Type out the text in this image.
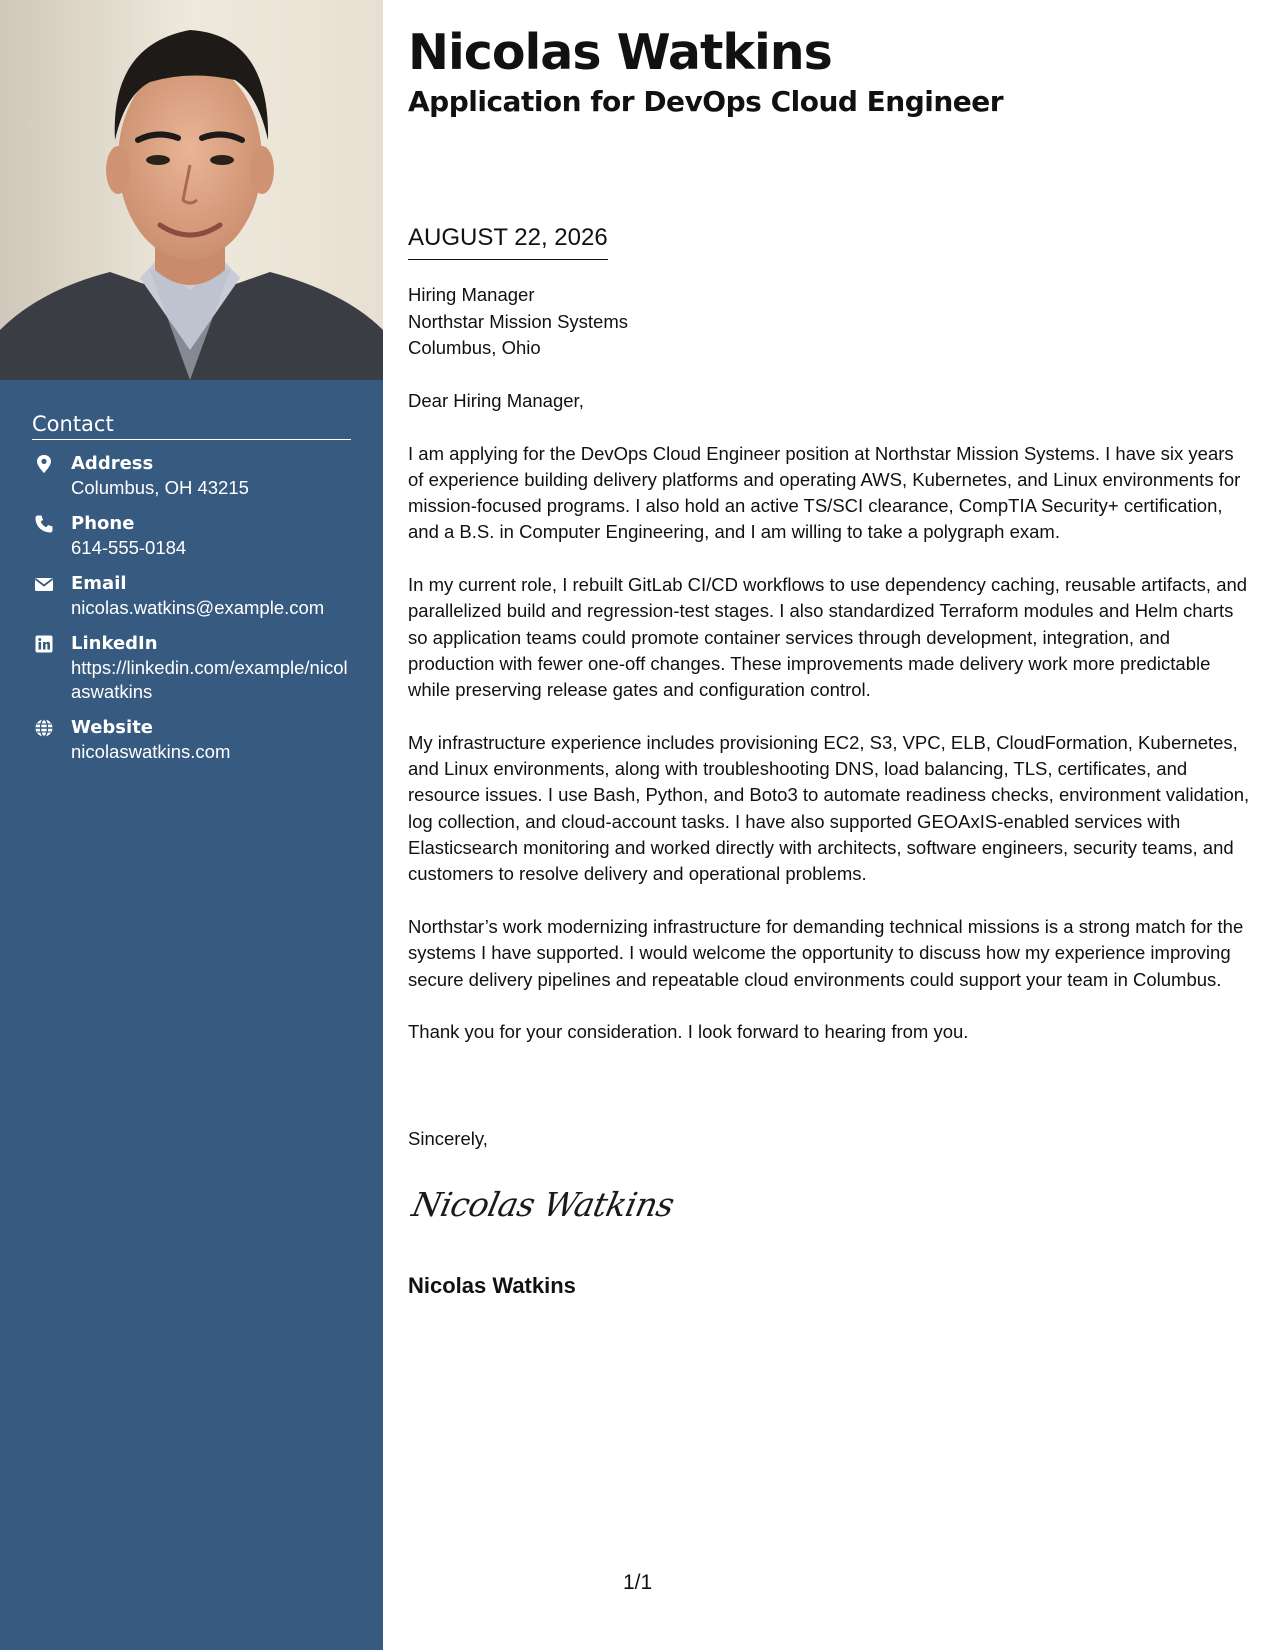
Contact
Address
Columbus, OH 43215
Phone
614-555-0184
Email
nicolas.watkins@example.com
LinkedIn
https://linkedin.com/example/nicolaswatkins
Website
nicolaswatkins.com
Nicolas Watkins
Application for DevOps Cloud Engineer
AUGUST 22, 2026
Hiring Manager
Northstar Mission Systems
Columbus, Ohio

Dear Hiring Manager,

I am applying for the DevOps Cloud Engineer position at Northstar Mission Systems. I have six years of experience building delivery platforms and operating AWS, Kubernetes, and Linux environments for mission-focused programs. I also hold an active TS/SCI clearance, CompTIA Security+ certification, and a B.S. in Computer Engineering, and I am willing to take a polygraph exam.

In my current role, I rebuilt GitLab CI/CD workflows to use dependency caching, reusable artifacts, and parallelized build and regression-test stages. I also standardized Terraform modules and Helm charts so application teams could promote container services through development, integration, and production with fewer one-off changes. These improvements made delivery work more predictable while preserving release gates and configuration control.

My infrastructure experience includes provisioning EC2, S3, VPC, ELB, CloudFormation, Kubernetes, and Linux environments, along with troubleshooting DNS, load balancing, TLS, certificates, and resource issues. I use Bash, Python, and Boto3 to automate readiness checks, environment validation, log collection, and cloud-account tasks. I have also supported GEOAxIS-enabled services with Elasticsearch monitoring and worked directly with architects, software engineers, security teams, and customers to resolve delivery and operational problems.

Northstar’s work modernizing infrastructure for demanding technical missions is a strong match for the systems I have supported. I would welcome the opportunity to discuss how my experience improving secure delivery pipelines and repeatable cloud environments could support your team in Columbus.

Thank you for your consideration. I look forward to hearing from you.

Sincerely,
Nicolas Watkins
Nicolas Watkins
1/1
